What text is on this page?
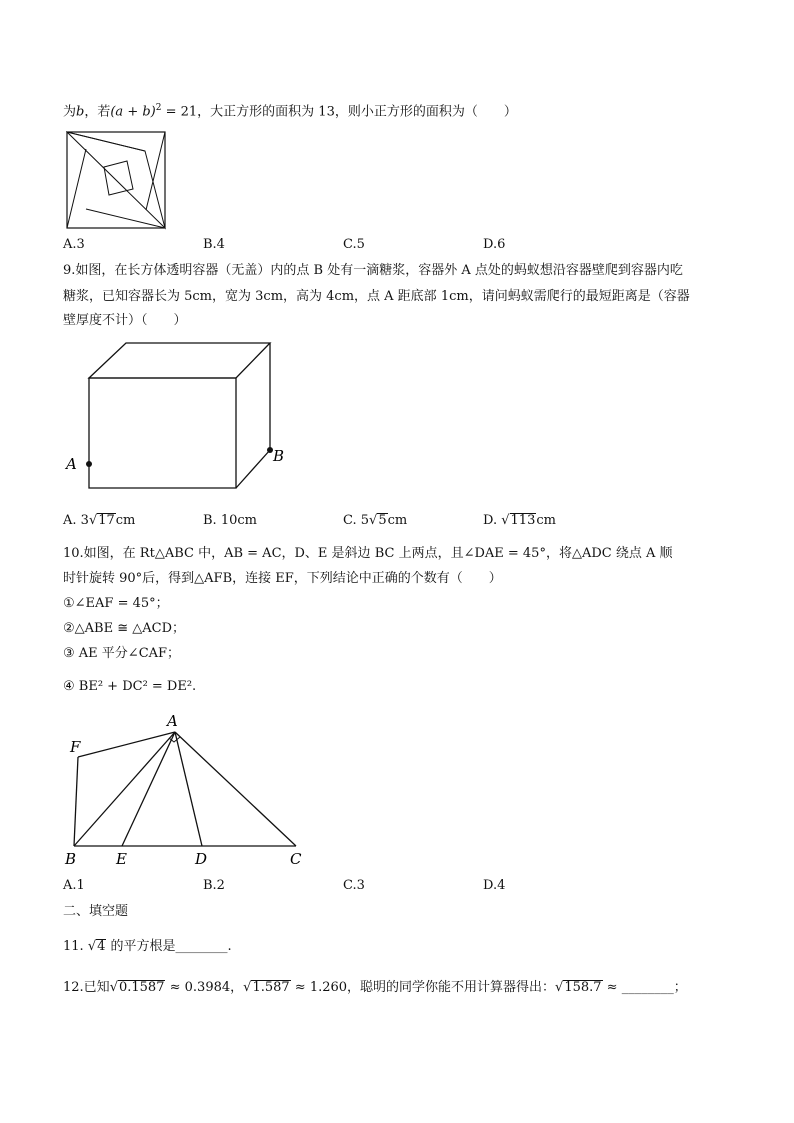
为b，若$(a + b)^2 = 21$，大正方形的面积为 13，则小正方形的面积为（　　）
A.3	B.4	C.5	D.6
9.如图，在长方体透明容器（无盖）内的点 B 处有一滴糖浆，容器外 A 点处的蚂蚁想沿容器壁爬到容器内吃
糖浆，已知容器长为 5cm，宽为 3cm，高为 4cm，点 A 距底部 1cm，请问蚂蚁需爬行的最短距离是（容器
壁厚度不计）（　　）
A	B
A. 3√17cm	B. 10cm	C. 5√5cm	D. √113cm
10.如图，在 Rt△ABC 中，AB = AC，D、E 是斜边 BC 上两点，且∠DAE = 45°，将△ADC 绕点 A 顺
时针旋转 90°后，得到△AFB，连接 EF，下列结论中正确的个数有（　　）
①∠EAF = 45°；
②△ABE ≅ △ACD；
③ AE 平分∠CAF；
④ BE² + DC² = DE².
A
F
B	E	D	C
A.1	B.2	C.3	D.4
二、填空题
11. √4 的平方根是________.
12.已知√0.1587 ≈ 0.3984，√1.587 ≈ 1.260，聪明的同学你能不用计算器得出：√158.7 ≈ ________；
